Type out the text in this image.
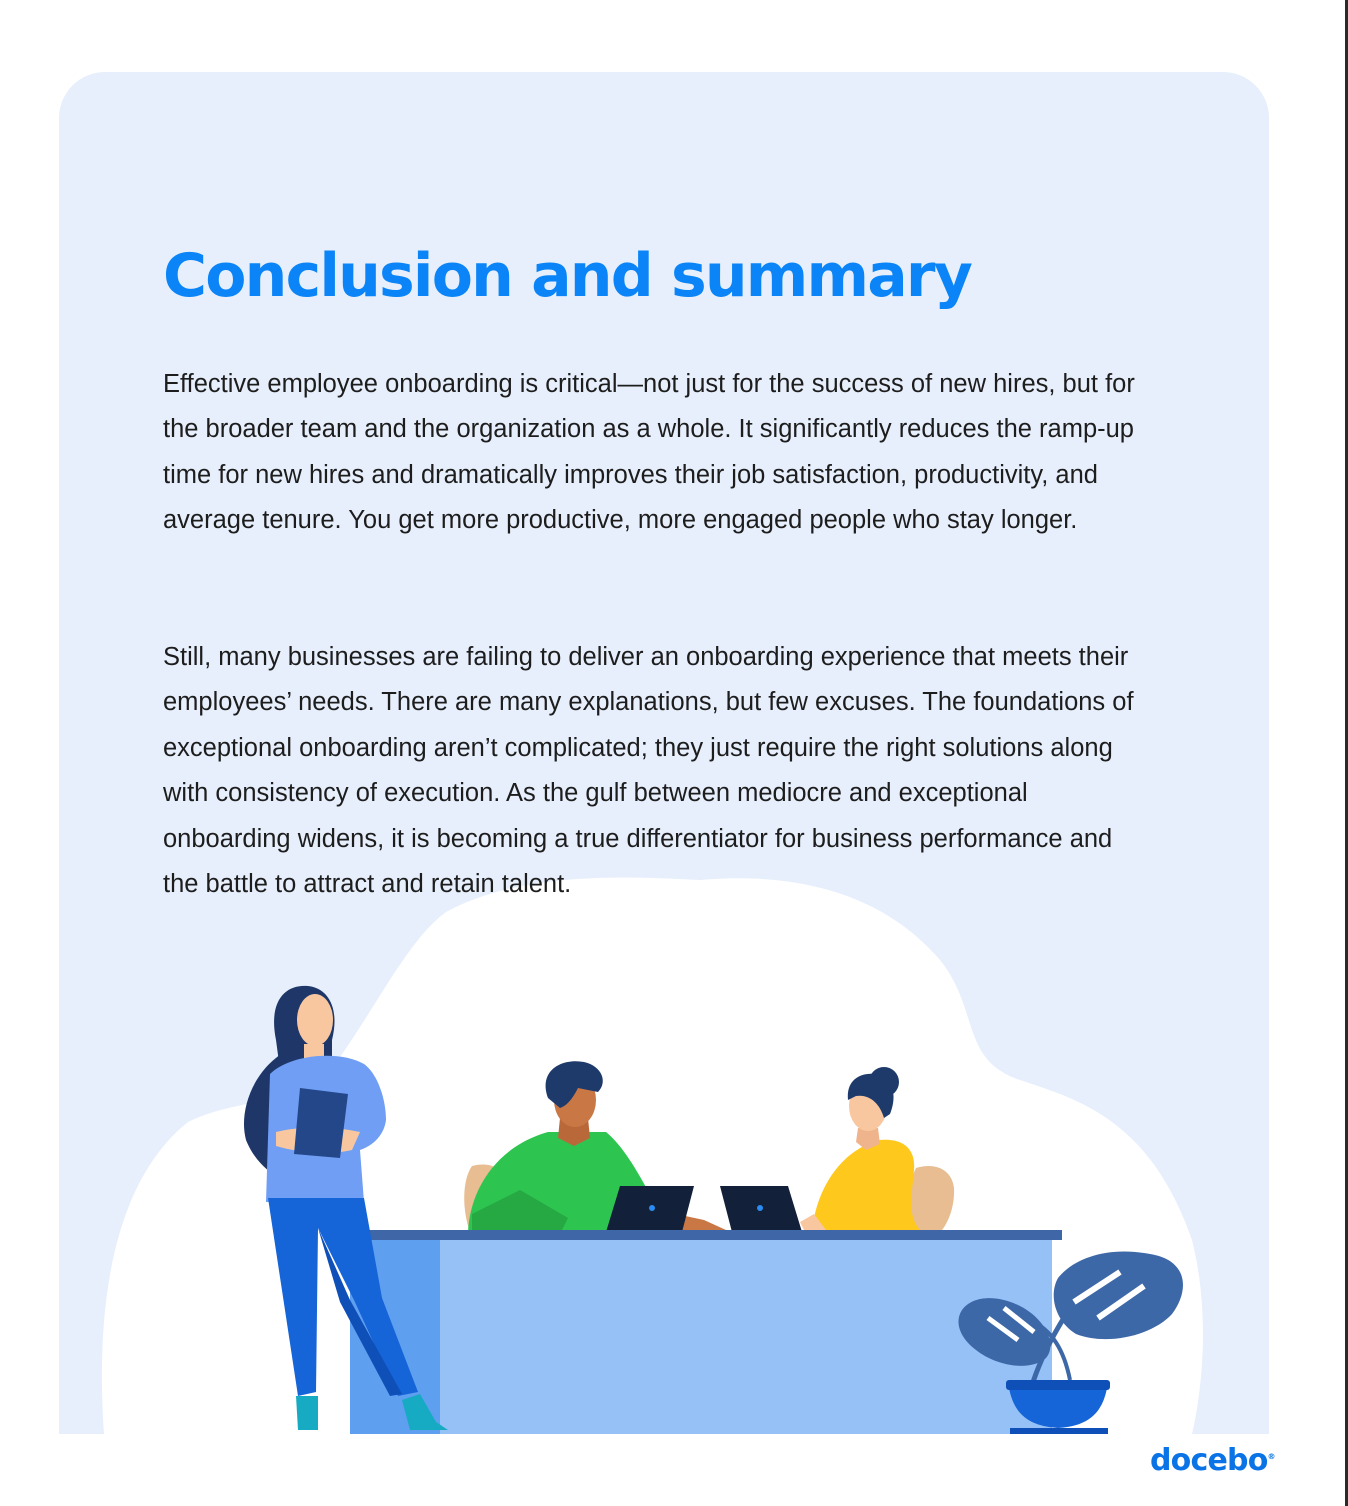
Conclusion and summary

Effective employee onboarding is critical—not just for the success of new hires, but for the broader team and the organization as a whole. It significantly reduces the ramp-up time for new hires and dramatically improves their job satisfaction, productivity, and average tenure. You get more productive, more engaged people who stay longer.

Still, many businesses are failing to deliver an onboarding experience that meets their employees’ needs. There are many explanations, but few excuses. The foundations of exceptional onboarding aren’t complicated; they just require the right solutions along with consistency of execution. As the gulf between mediocre and exceptional onboarding widens, it is becoming a true differentiator for business performance and the battle to attract and retain talent.

docebo®
